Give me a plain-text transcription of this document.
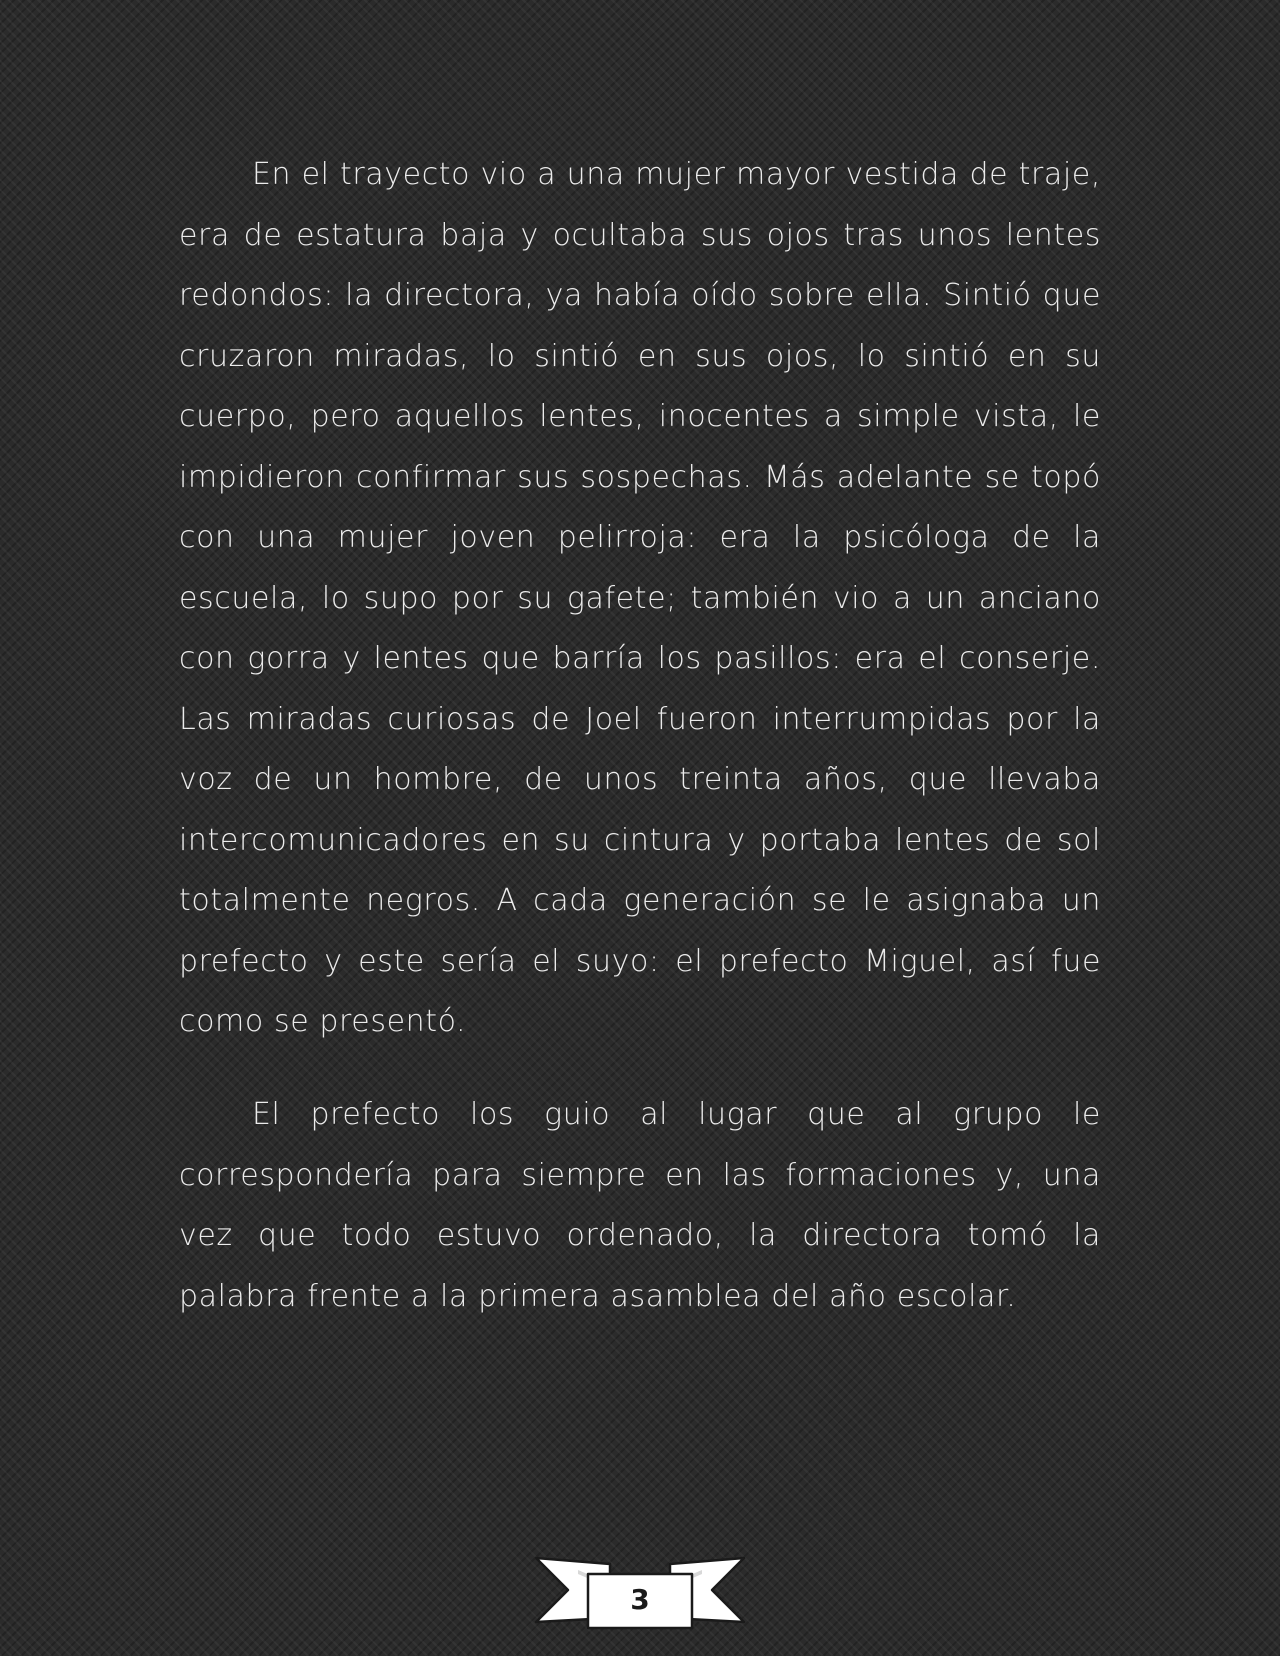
En el trayecto vio a una mujer mayor vestida de traje, era de estatura baja y ocultaba sus ojos tras unos lentes redondos: la directora, ya había oído sobre ella. Sintió que cruzaron miradas, lo sintió en sus ojos, lo sintió en su cuerpo, pero aquellos lentes, inocentes a simple vista, le impidieron confirmar sus sospechas. Más adelante se topó con una mujer joven pelirroja: era la psicóloga de la escuela, lo supo por su gafete; también vio a un anciano con gorra y lentes que barría los pasillos: era el conserje. Las miradas curiosas de Joel fueron interrumpidas por la voz de un hombre, de unos treinta años, que llevaba intercomunicadores en su cintura y portaba lentes de sol totalmente negros. A cada generación se le asignaba un prefecto y este sería el suyo: el prefecto Miguel, así fue como se presentó.

El prefecto los guio al lugar que al grupo le correspondería para siempre en las formaciones y, una vez que todo estuvo ordenado, la directora tomó la palabra frente a la primera asamblea del año escolar.

3
